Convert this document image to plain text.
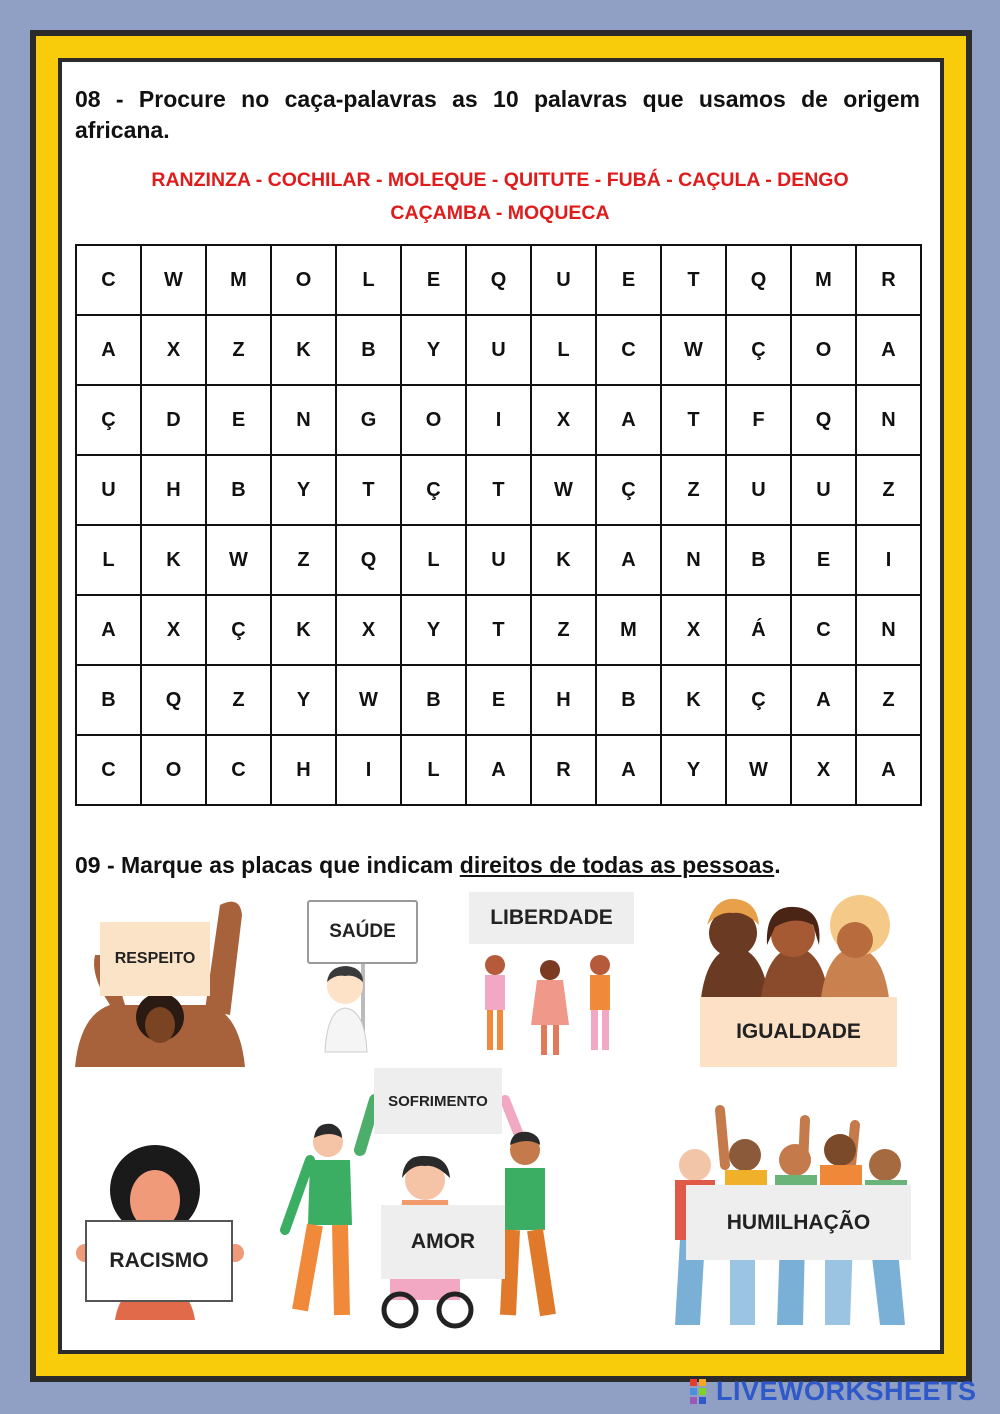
08 - Procure no caça-palavras as 10 palavras que usamos de origem africana.
RANZINZA - COCHILAR - MOLEQUE - QUITUTE - FUBÁ - CAÇULA - DENGO
CAÇAMBA - MOQUECA
C	W	M	O	L	E	Q	U	E	T	Q	M	R
A	X	Z	K	B	Y	U	L	C	W	Ç	O	A
Ç	D	E	N	G	O	I	X	A	T	F	Q	N
U	H	B	Y	T	Ç	T	W	Ç	Z	U	U	Z
L	K	W	Z	Q	L	U	K	A	N	B	E	I
A	X	Ç	K	X	Y	T	Z	M	X	Á	C	N
B	Q	Z	Y	W	B	E	H	B	K	Ç	A	Z
C	O	C	H	I	L	A	R	A	Y	W	X	A
09 - Marque as placas que indicam direitos de todas as pessoas.
RESPEITO
SAÚDE
LIBERDADE
IGUALDADE
SOFRIMENTO
AMOR
RACISMO
HUMILHAÇÃO
LIVEWORKSHEETS
